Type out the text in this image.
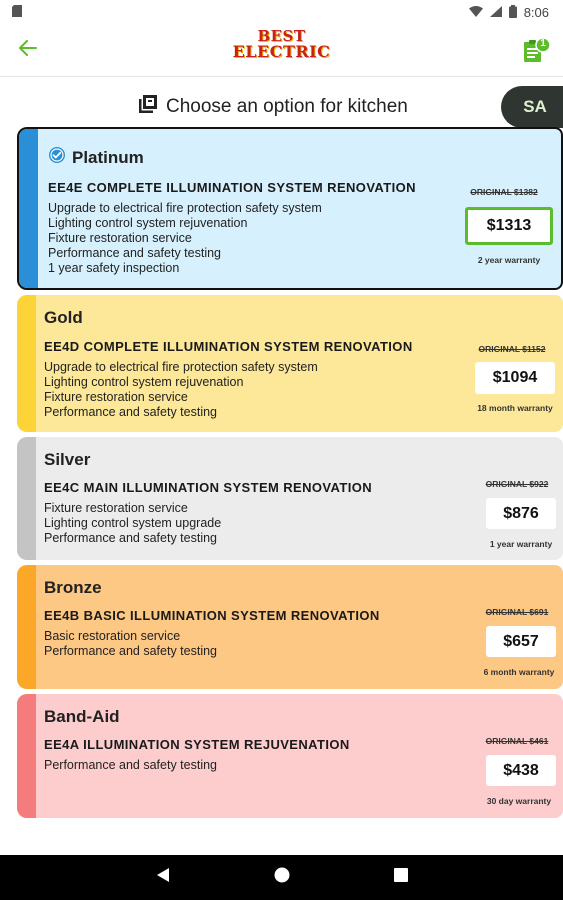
8:06
BEST
ELECTRIC	1
Choose an option for kitchen	SA
Platinum
EE4E COMPLETE ILLUMINATION SYSTEM RENOVATION
Upgrade to electrical fire protection safety system
Lighting control system rejuvenation
Fixture restoration service
Performance and safety testing
1 year safety inspection
ORIGINAL $1382
$1313
2 year warranty
Gold
EE4D COMPLETE ILLUMINATION SYSTEM RENOVATION
Upgrade to electrical fire protection safety system
Lighting control system rejuvenation
Fixture restoration service
Performance and safety testing
ORIGINAL $1152
$1094
18 month warranty
Silver
EE4C MAIN ILLUMINATION SYSTEM RENOVATION
Fixture restoration service
Lighting control system upgrade
Performance and safety testing
ORIGINAL $922
$876
1 year warranty
Bronze
EE4B BASIC ILLUMINATION SYSTEM RENOVATION
Basic restoration service
Performance and safety testing
ORIGINAL $691
$657
6 month warranty
Band-Aid
EE4A ILLUMINATION SYSTEM REJUVENATION
Performance and safety testing
ORIGINAL $461
$438
30 day warranty
